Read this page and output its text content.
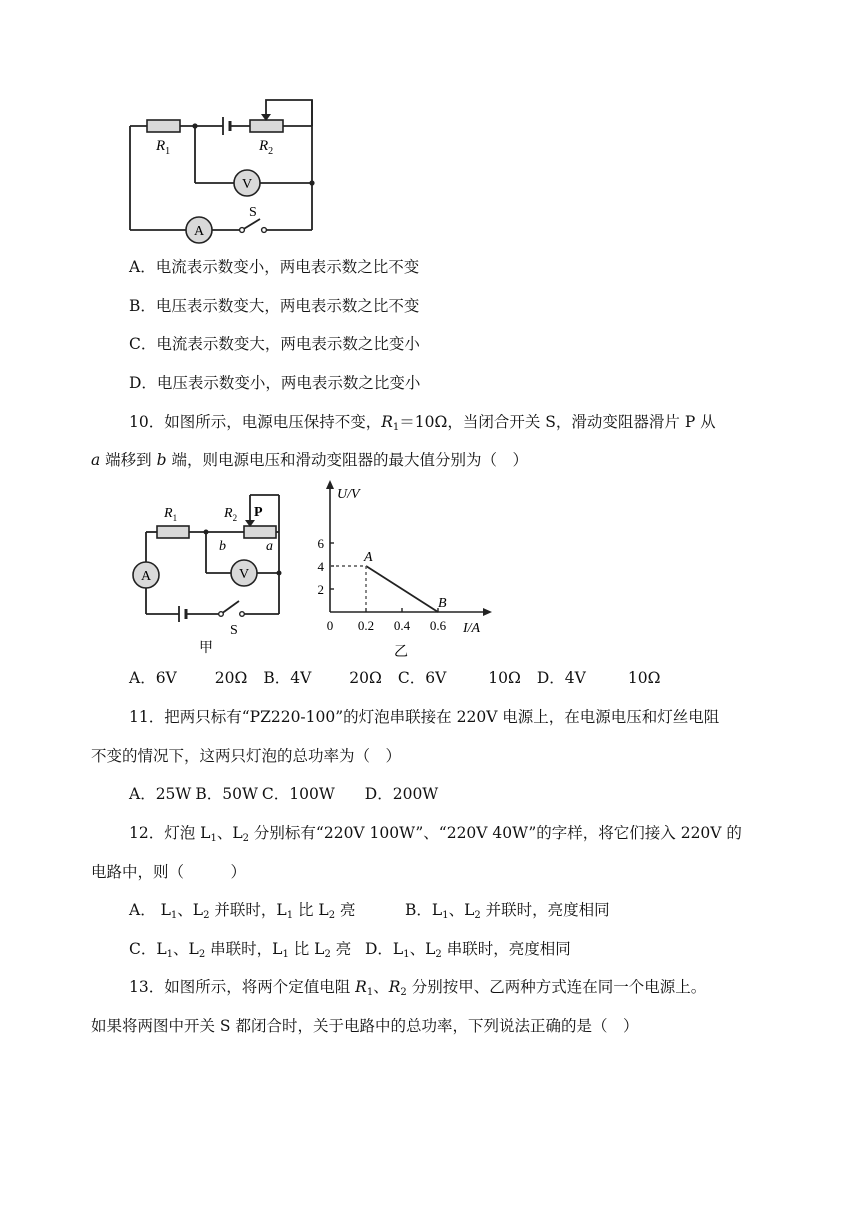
V
A
$R_1$	$R_2$
S
A．电流表示数变小，两电表示数之比不变
B．电压表示数变大，两电表示数之比不变
C．电流表示数变大，两电表示数之比变小
D．电压表示数变小，两电表示数之比变小
10．如图所示，电源电压保持不变，$R_1=10\Omega$，当闭合开关 S，滑动变阻器滑片 P 从
a 端移到 b 端，则电源电压和滑动变阻器的最大值分别为（　）
A	V
$R_1$	$R_2$ P
b	a
S
甲
U/V
I/A
乙
2
4
6
0 0.2 0.4 0.6
A
B
A．6V 20Ω B．4V 20Ω C．6V	10Ω D．4V	10Ω
11．把两只标有“PZ220-100”的灯泡串联接在 220V 电源上，在电源电压和灯丝电阻
不变的情况下，这两只灯泡的总功率为（　）
A．25W B．50W C．100W D．200W
12．灯泡 $L_1$、$L_2$ 分别标有“220V 100W”、“220V 40W”的字样，将它们接入 220V 的
电路中，则（　　　）
A． $L_1$、$L_2$ 并联时，$L_1$ 比 $L_2$ 亮	B．$L_1$、$L_2$ 并联时，亮度相同
C．$L_1$、$L_2$ 串联时，$L_1$ 比 $L_2$ 亮 D．$L_1$、$L_2$ 串联时，亮度相同
13．如图所示，将两个定值电阻 $R_1$、$R_2$ 分别按甲、乙两种方式连在同一个电源上。
如果将两图中开关 S 都闭合时，关于电路中的总功率，下列说法正确的是（　）
